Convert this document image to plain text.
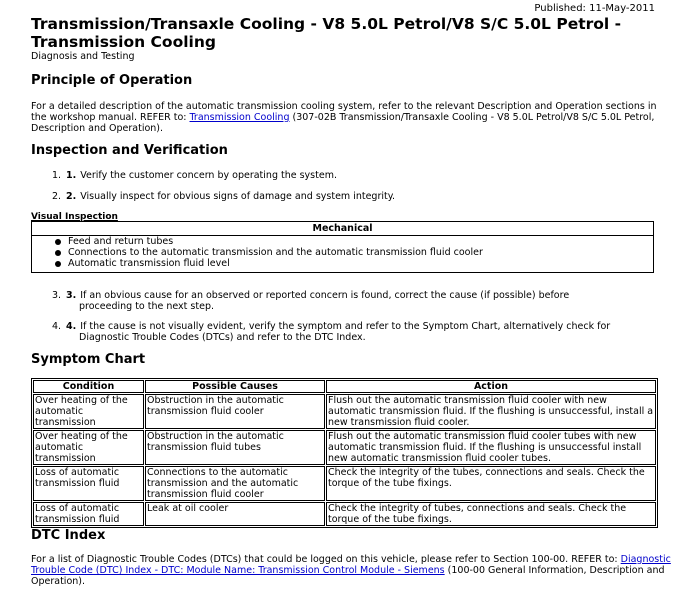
Published: 11-May-2011
Transmission/Transaxle Cooling - V8 5.0L Petrol/V8 S/C 5.0L Petrol - Transmission Cooling
Diagnosis and Testing
Principle of Operation

For a detailed description of the automatic transmission cooling system, refer to the relevant Description and Operation sections in the workshop manual. REFER to: Transmission Cooling (307-02B Transmission/Transaxle Cooling - V8 5.0L Petrol/V8 S/C 5.0L Petrol, Description and Operation).

Inspection and Verification
1. 1. Verify the customer concern by operating the system.
2. 2. Visually inspect for obvious signs of damage and system integrity.
Visual Inspection
Mechanical
Feed and return tubes
Connections to the automatic transmission and the automatic transmission fluid cooler
Automatic transmission fluid level
3. 3. If an obvious cause for an observed or reported concern is found, correct the cause (if possible) before
proceeding to the next step.
4. 4. If the cause is not visually evident, verify the symptom and refer to the Symptom Chart, alternatively check for
Diagnostic Trouble Codes (DTCs) and refer to the DTC Index.
Symptom Chart
Condition	Possible Causes	Action
Over heating of the automatic transmission	Obstruction in the automatic transmission fluid cooler	Flush out the automatic transmission fluid cooler with new automatic transmission fluid. If the flushing is unsuccessful, install a new transmission fluid cooler.
Over heating of the automatic transmission	Obstruction in the automatic transmission fluid tubes	Flush out the automatic transmission fluid cooler tubes with new automatic transmission fluid. If the flushing is unsuccessful install new automatic transmission fluid cooler tubes.
Loss of automatic transmission fluid	Connections to the automatic transmission and the automatic transmission fluid cooler	Check the integrity of the tubes, connections and seals. Check the torque of the tube fixings.
Loss of automatic transmission fluid	Leak at oil cooler	Check the integrity of tubes, connections and seals. Check the torque of the tube fixings.
DTC Index

For a list of Diagnostic Trouble Codes (DTCs) that could be logged on this vehicle, please refer to Section 100-00. REFER to: Diagnostic Trouble Code (DTC) Index - DTC: Module Name: Transmission Control Module - Siemens (100-00 General Information, Description and Operation).
